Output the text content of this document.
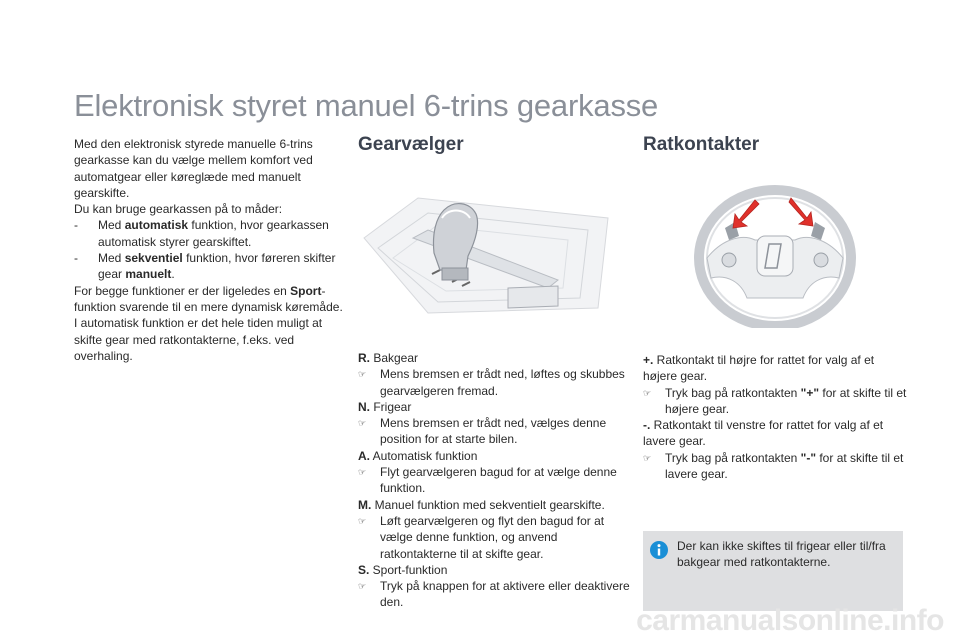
Elektronisk styret manuel 6-trins gearkasse

Med den elektronisk styrede manuelle 6-trins gearkasse kan du vælge mellem komfort ved automatgear eller køreglæde med manuelt gearskifte.

Du kan bruge gearkassen på to måder:

-	Med automatisk funktion, hvor gearkassen automatisk styrer gearskiftet.
-	Med sekventiel funktion, hvor føreren skifter gear manuelt.

For begge funktioner er der ligeledes en Sport-funktion svarende til en mere dynamisk køremåde.

I automatisk funktion er det hele tiden muligt at skifte gear med ratkontakterne, f.eks. ved overhaling.

Gearvælger
R. Bakgear
☞	Mens bremsen er trådt ned, løftes og skubbes gearvælgeren fremad.
N. Frigear
☞	Mens bremsen er trådt ned, vælges denne position for at starte bilen.
A. Automatisk funktion
☞	Flyt gearvælgeren bagud for at vælge denne funktion.
M. Manuel funktion med sekventielt gearskifte.
☞	Løft gearvælgeren og flyt den bagud for at vælge denne funktion, og anvend ratkontakterne til at skifte gear.
S. Sport-funktion
☞	Tryk på knappen for at aktivere eller deaktivere den.
Ratkontakter
+. Ratkontakt til højre for rattet for valg af et højere gear.
☞	Tryk bag på ratkontakten "+" for at skifte til et højere gear.
-. Ratkontakt til venstre for rattet for valg af et lavere gear.
☞	Tryk bag på ratkontakten "-" for at skifte til et lavere gear.
Der kan ikke skiftes til frigear eller til/fra bakgear med ratkontakterne.
carmanualsonline.info
